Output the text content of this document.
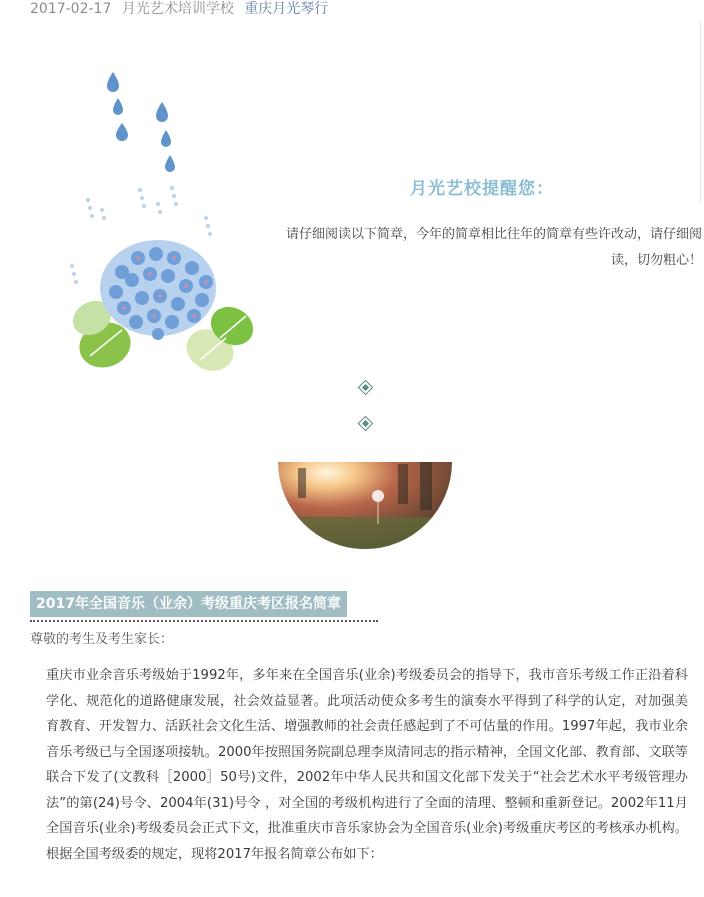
2017-02-17 月光艺术培训学校 重庆月光琴行
月光艺校提醒您：
请仔细阅读以下简章，今年的简章相比往年的简章有些许改动，请仔细阅读，切勿粗心！
2017年全国音乐（业余）考级重庆考区报名简章
尊敬的考生及考生家长：
重庆市业余音乐考级始于1992年，多年来在全国音乐(业余)考级委员会的指导下，我市音乐考级工作正沿着科学化、规范化的道路健康发展，社会效益显著。此项活动使众多考生的演奏水平得到了科学的认定，对加强美育教育、开发智力、活跃社会文化生活、增强教师的社会责任感起到了不可估量的作用。1997年起，我市业余音乐考级已与全国逐项接轨。2000年按照国务院副总理李岚清同志的指示精神，全国文化部、教育部、文联等联合下发了(文教科［2000］50号)文件，2002年中华人民共和国文化部下发关于“社会艺术水平考级管理办法”的第(24)号令、2004年(31)号令 ，对全国的考级机构进行了全面的清理、整顿和重新登记。2002年11月全国音乐(业余)考级委员会正式下文，批准重庆市音乐家协会为全国音乐(业余)考级重庆考区的考核承办机构。根据全国考级委的规定，现将2017年报名简章公布如下：
